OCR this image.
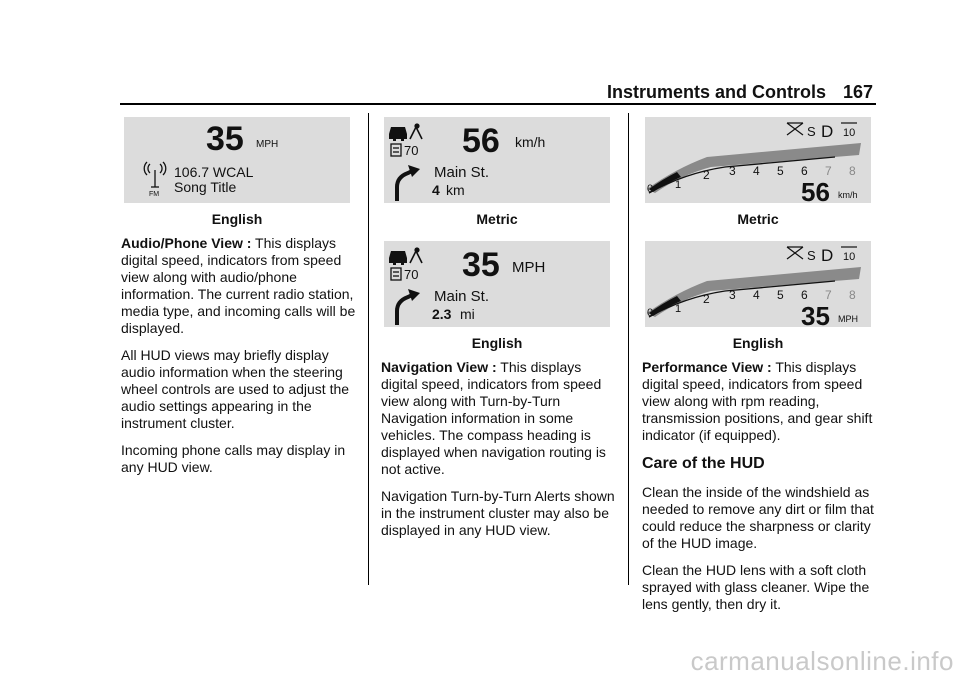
Instruments and Controls 167
35 MPH
FM
106.7 WCAL
Song Title
English

Audio/Phone View : This displays digital speed, indicators from speed view along with audio/phone information. The current radio station, media type, and incoming calls will be displayed.

All HUD views may briefly display audio information when the steering wheel controls are used to adjust the audio settings appearing in the instrument cluster.

Incoming phone calls may display in any HUD view.

70 56 km/h
Main St.
4 km
Metric
70 35 MPH
Main St.
2.3 mi
English

Navigation View : This displays digital speed, indicators from speed view along with Turn-by-Turn Navigation information in some vehicles. The compass heading is displayed when navigation routing is not active.

Navigation Turn-by-Turn Alerts shown in the instrument cluster may also be displayed in any HUD view.

S D 10
0 1
2 3 4 5 6 7 8
56 km/h
Metric
S D 10
0 1
2 3 4 5 6 7 8
35 MPH
English

Performance View : This displays digital speed, indicators from speed view along with rpm reading, transmission positions, and gear shift indicator (if equipped).

Care of the HUD

Clean the inside of the windshield as needed to remove any dirt or film that could reduce the sharpness or clarity of the HUD image.

Clean the HUD lens with a soft cloth sprayed with glass cleaner. Wipe the lens gently, then dry it.

carmanualsonline.info
